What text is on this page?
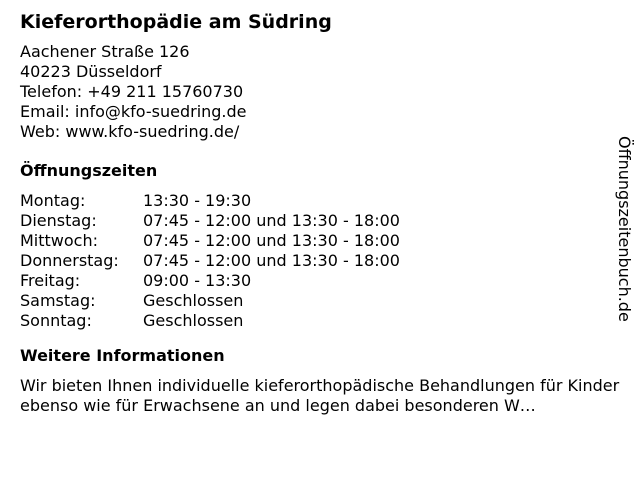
Kieferorthopädie am Südring
Aachener Straße 126
40223 Düsseldorf
Telefon: +49 211 15760730
Email: info@kfo-suedring.de
Web: www.kfo-suedring.de/
Öffnungszeiten
Montag:	13:30 - 19:30
Dienstag:	07:45 - 12:00 und 13:30 - 18:00
Mittwoch:	07:45 - 12:00 und 13:30 - 18:00
Donnerstag:	07:45 - 12:00 und 13:30 - 18:00
Freitag:	09:00 - 13:30
Samstag:	Geschlossen
Sonntag:	Geschlossen
Weitere Informationen
Wir bieten Ihnen individuelle kieferorthopädische Behandlungen für Kinder ebenso wie für Erwachsene an und legen dabei besonderen W…
Öffnungszeitenbuch.de
